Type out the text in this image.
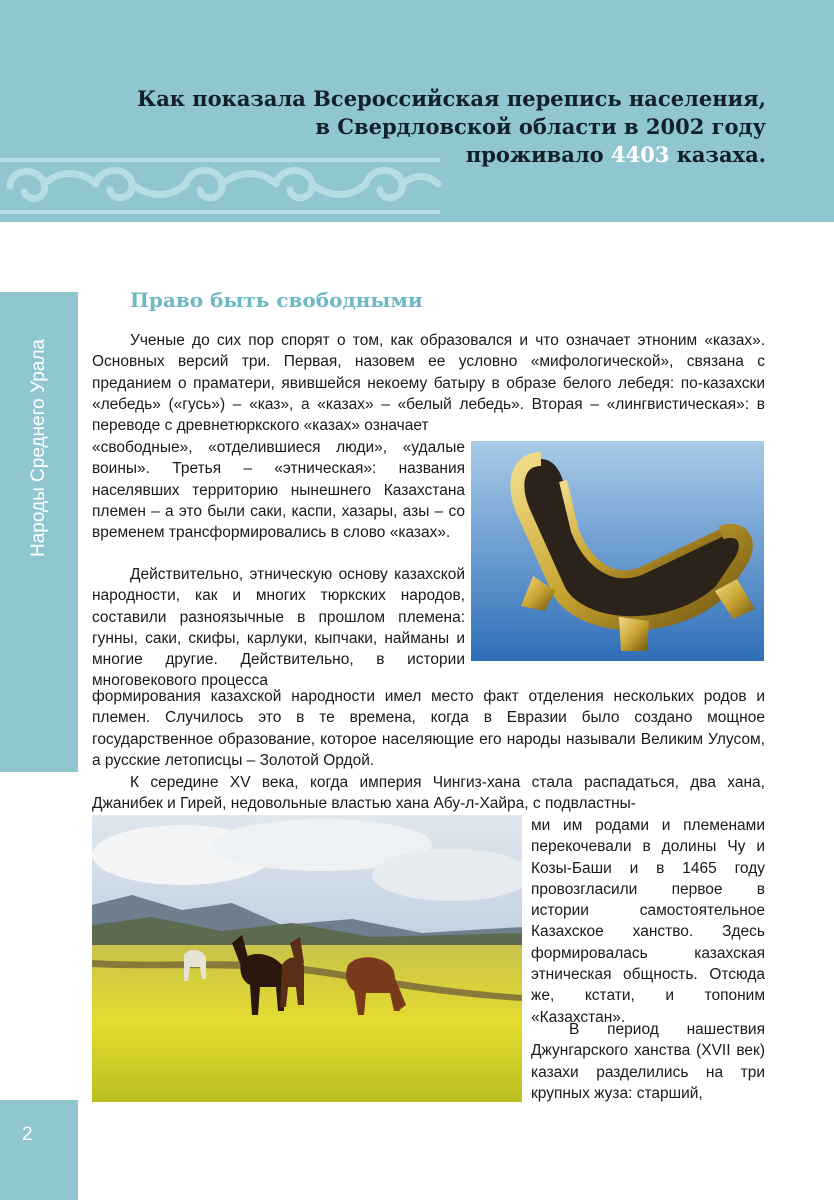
Как показала Всероссийская перепись населения,
в Свердловской области в 2002 году
проживало 4403 казаха.
Народы Среднего Урала
2
Право быть свободными

Ученые до сих пор спорят о том, как образовался и что означает этноним «казах». Основных версий три. Первая, назовем ее условно «мифологической», связана с преданием о праматери, явившейся некоему батыру в образе белого лебедя: по-казахски «лебедь» («гусь») – «каз», а «казах» – «белый лебедь». Вторая – «лингвистическая»: в переводе с древнетюркского «казах» означает

«свободные», «отделившиеся люди», «удалые воины». Третья – «этническая»: названия населявших территорию нынешнего Казахстана племен – а это были саки, каспи, хазары, азы – со временем трансформировались в слово «казах».

Действительно, этническую основу казахской народности, как и многих тюркских народов, составили разноязычные в прошлом племена: гунны, саки, скифы, карлуки, кыпчаки, найманы и многие другие. Действительно, в истории многовекового процесса

формирования казахской народности имел место факт отделения нескольких родов и племен. Случилось это в те времена, когда в Евразии было создано мощное государственное образование, которое населяющие его народы называли Великим Улусом, а русские летописцы – Золотой Ордой.

К середине XV века, когда империя Чингиз-хана стала распадаться, два хана, Джанибек и Гирей, недовольные властью хана Абу-л-Хайра, с подвластны-

ми им родами и племенами перекочевали в долины Чу и Козы-Баши и в 1465 году провозгласили первое в истории самостоятельное Казахское ханство. Здесь формировалась казахская этническая общность. Отсюда же, кстати, и топоним «Казахстан».

В период нашествия Джунгарского ханства (XVII век) казахи разделились на три крупных жуза: старший,
